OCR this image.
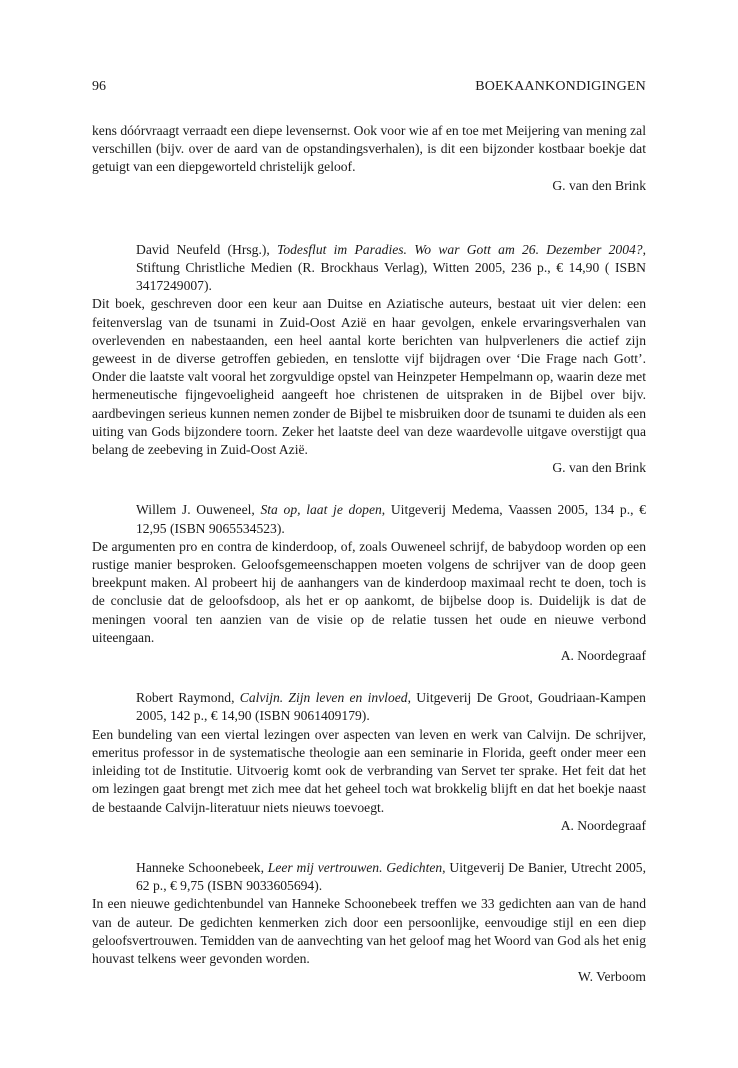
96	BOEKAANKONDIGINGEN

kens dóórvraagt verraadt een diepe levensernst. Ook voor wie af en toe met Meijering van mening zal verschillen (bijv. over de aard van de opstandingsverhalen), is dit een bijzonder kostbaar boekje dat getuigt van een diepgeworteld christelijk geloof.

G. van den Brink

David Neufeld (Hrsg.), Todesflut im Paradies. Wo war Gott am 26. Dezember 2004?, Stiftung Christliche Medien (R. Brockhaus Verlag), Witten 2005, 236 p., € 14,90 ( ISBN 3417249007).

Dit boek, geschreven door een keur aan Duitse en Aziatische auteurs, bestaat uit vier delen: een feitenverslag van de tsunami in Zuid-Oost Azië en haar gevolgen, enkele ervaringsverhalen van overlevenden en nabestaanden, een heel aantal korte berichten van hulpverleners die actief zijn geweest in de diverse getroffen gebieden, en tenslotte vijf bijdragen over ‘Die Frage nach Gott’. Onder die laatste valt vooral het zorgvuldige opstel van Heinzpeter Hempelmann op, waarin deze met hermeneutische fijngevoeligheid aangeeft hoe christenen de uitspraken in de Bijbel over bijv. aardbevingen serieus kunnen nemen zonder de Bijbel te misbruiken door de tsunami te duiden als een uiting van Gods bijzondere toorn. Zeker het laatste deel van deze waardevolle uitgave overstijgt qua belang de zeebeving in Zuid-Oost Azië.

G. van den Brink

Willem J. Ouweneel, Sta op, laat je dopen, Uitgeverij Medema, Vaassen 2005, 134 p., € 12,95 (ISBN 9065534523).

De argumenten pro en contra de kinderdoop, of, zoals Ouweneel schrijf, de babydoop worden op een rustige manier besproken. Geloofsgemeenschappen moeten volgens de schrijver van de doop geen breekpunt maken. Al probeert hij de aanhangers van de kinderdoop maximaal recht te doen, toch is de conclusie dat de geloofsdoop, als het er op aankomt, de bijbelse doop is. Duidelijk is dat de meningen vooral ten aanzien van de visie op de relatie tussen het oude en nieuwe verbond uiteengaan.

A. Noordegraaf

Robert Raymond, Calvijn. Zijn leven en invloed, Uitgeverij De Groot, Goudriaan-Kampen 2005, 142 p., € 14,90 (ISBN 9061409179).

Een bundeling van een viertal lezingen over aspecten van leven en werk van Calvijn. De schrijver, emeritus professor in de systematische theologie aan een seminarie in Florida, geeft onder meer een inleiding tot de Institutie. Uitvoerig komt ook de verbranding van Servet ter sprake. Het feit dat het om lezingen gaat brengt met zich mee dat het geheel toch wat brokkelig blijft en dat het boekje naast de bestaande Calvijn-literatuur niets nieuws toevoegt.

A. Noordegraaf

Hanneke Schoonebeek, Leer mij vertrouwen. Gedichten, Uitgeverij De Banier, Utrecht 2005, 62 p., € 9,75 (ISBN 9033605694).

In een nieuwe gedichtenbundel van Hanneke Schoonebeek treffen we 33 gedichten aan van de hand van de auteur. De gedichten kenmerken zich door een persoonlijke, eenvoudige stijl en een diep geloofsvertrouwen. Temidden van de aanvechting van het geloof mag het Woord van God als het enig houvast telkens weer gevonden worden.

W. Verboom
